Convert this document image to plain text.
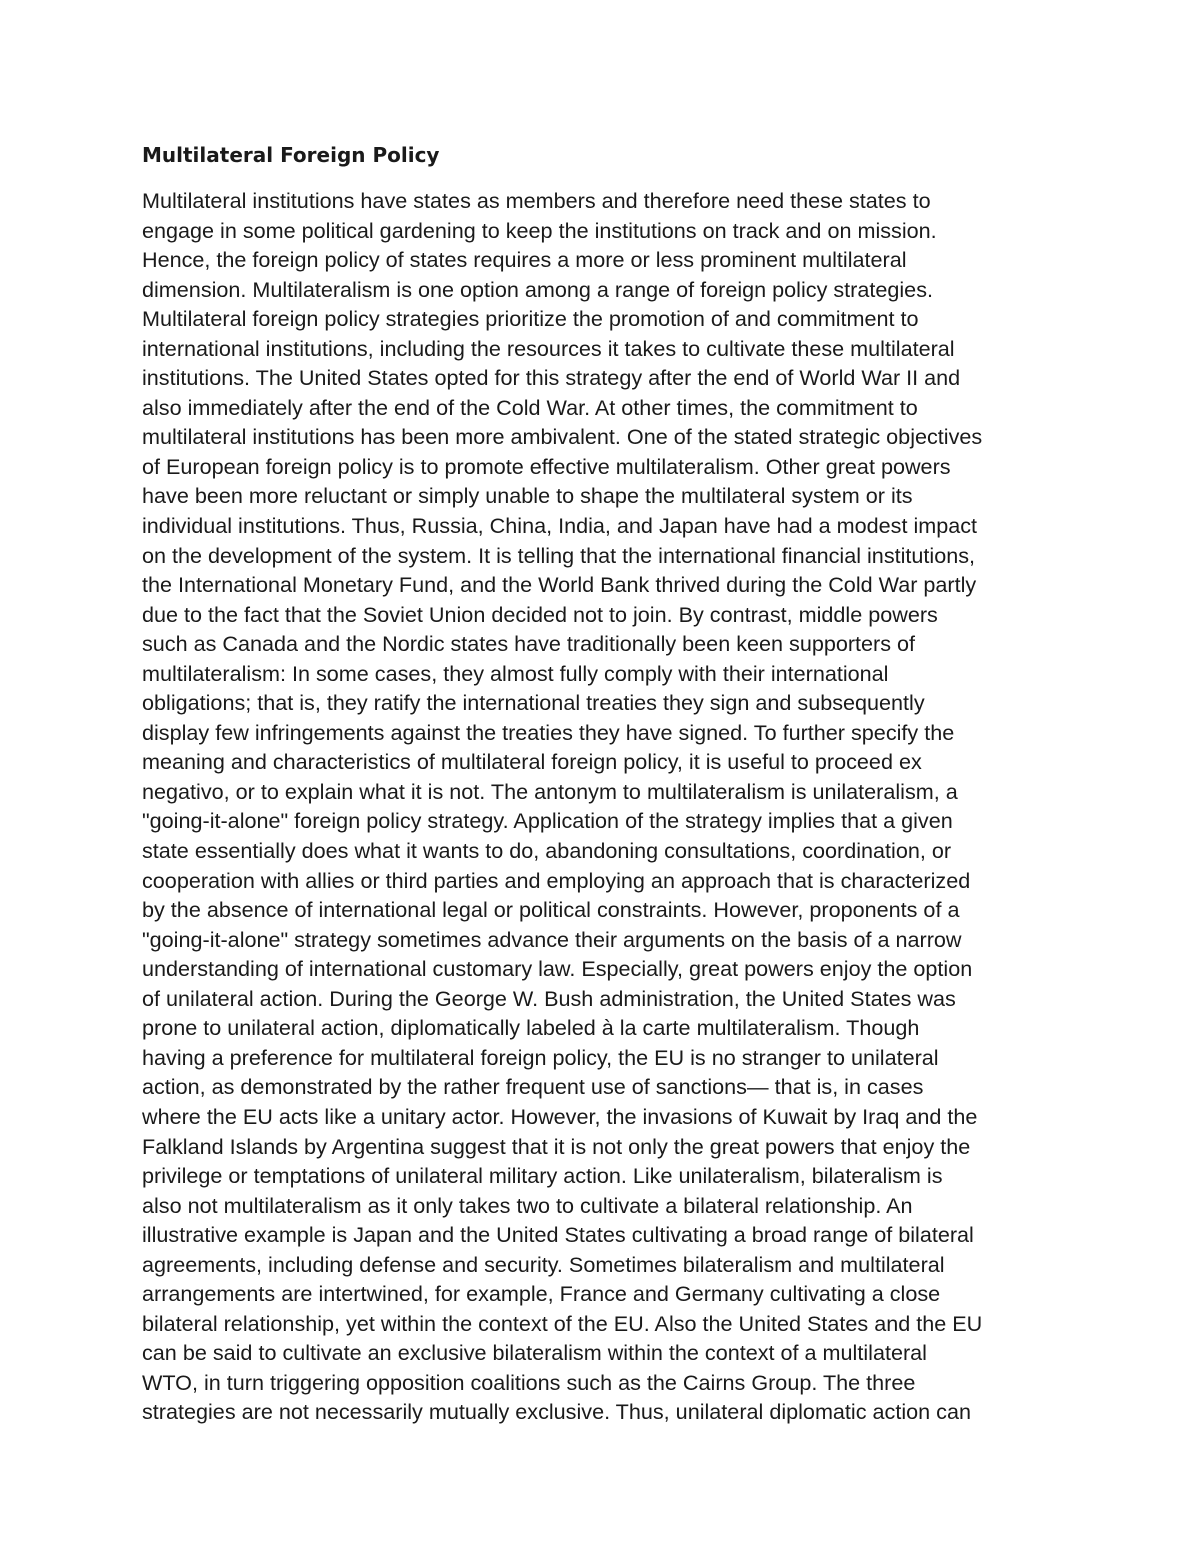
Multilateral Foreign Policy
Multilateral institutions have states as members and therefore need these states to
engage in some political gardening to keep the institutions on track and on mission.
Hence, the foreign policy of states requires a more or less prominent multilateral
dimension. Multilateralism is one option among a range of foreign policy strategies.
Multilateral foreign policy strategies prioritize the promotion of and commitment to
international institutions, including the resources it takes to cultivate these multilateral
institutions. The United States opted for this strategy after the end of World War II and
also immediately after the end of the Cold War. At other times, the commitment to
multilateral institutions has been more ambivalent. One of the stated strategic objectives
of European foreign policy is to promote effective multilateralism. Other great powers
have been more reluctant or simply unable to shape the multilateral system or its
individual institutions. Thus, Russia, China, India, and Japan have had a modest impact
on the development of the system. It is telling that the international financial institutions,
the International Monetary Fund, and the World Bank thrived during the Cold War partly
due to the fact that the Soviet Union decided not to join. By contrast, middle powers
such as Canada and the Nordic states have traditionally been keen supporters of
multilateralism: In some cases, they almost fully comply with their international
obligations; that is, they ratify the international treaties they sign and subsequently
display few infringements against the treaties they have signed. To further specify the
meaning and characteristics of multilateral foreign policy, it is useful to proceed ex
negativo, or to explain what it is not. The antonym to multilateralism is unilateralism, a
"going-it-alone" foreign policy strategy. Application of the strategy implies that a given
state essentially does what it wants to do, abandoning consultations, coordination, or
cooperation with allies or third parties and employing an approach that is characterized
by the absence of international legal or political constraints. However, proponents of a
"going-it-alone" strategy sometimes advance their arguments on the basis of a narrow
understanding of international customary law. Especially, great powers enjoy the option
of unilateral action. During the George W. Bush administration, the United States was
prone to unilateral action, diplomatically labeled à la carte multilateralism. Though
having a preference for multilateral foreign policy, the EU is no stranger to unilateral
action, as demonstrated by the rather frequent use of sanctions— that is, in cases
where the EU acts like a unitary actor. However, the invasions of Kuwait by Iraq and the
Falkland Islands by Argentina suggest that it is not only the great powers that enjoy the
privilege or temptations of unilateral military action. Like unilateralism, bilateralism is
also not multilateralism as it only takes two to cultivate a bilateral relationship. An
illustrative example is Japan and the United States cultivating a broad range of bilateral
agreements, including defense and security. Sometimes bilateralism and multilateral
arrangements are intertwined, for example, France and Germany cultivating a close
bilateral relationship, yet within the context of the EU. Also the United States and the EU
can be said to cultivate an exclusive bilateralism within the context of a multilateral
WTO, in turn triggering opposition coalitions such as the Cairns Group. The three
strategies are not necessarily mutually exclusive. Thus, unilateral diplomatic action can
